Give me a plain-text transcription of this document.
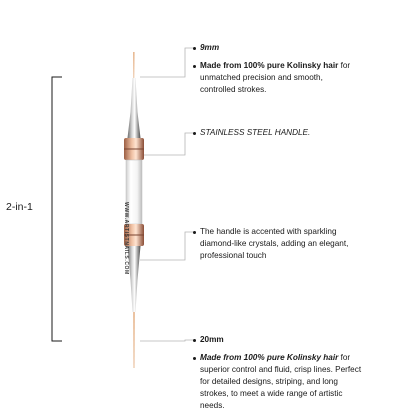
WWW.ARTISTNAILS.COM
2-in-1
9mm
Made from 100% pure Kolinsky hair for
unmatched precision and smooth,
controlled strokes.
STAINLESS STEEL HANDLE.
The handle is accented with sparkling
diamond-like crystals, adding an elegant,
professional touch
20mm
Made from 100% pure Kolinsky hair for
superior control and fluid, crisp lines. Perfect
for detailed designs, striping, and long
strokes, to meet a wide range of artistic
needs.
